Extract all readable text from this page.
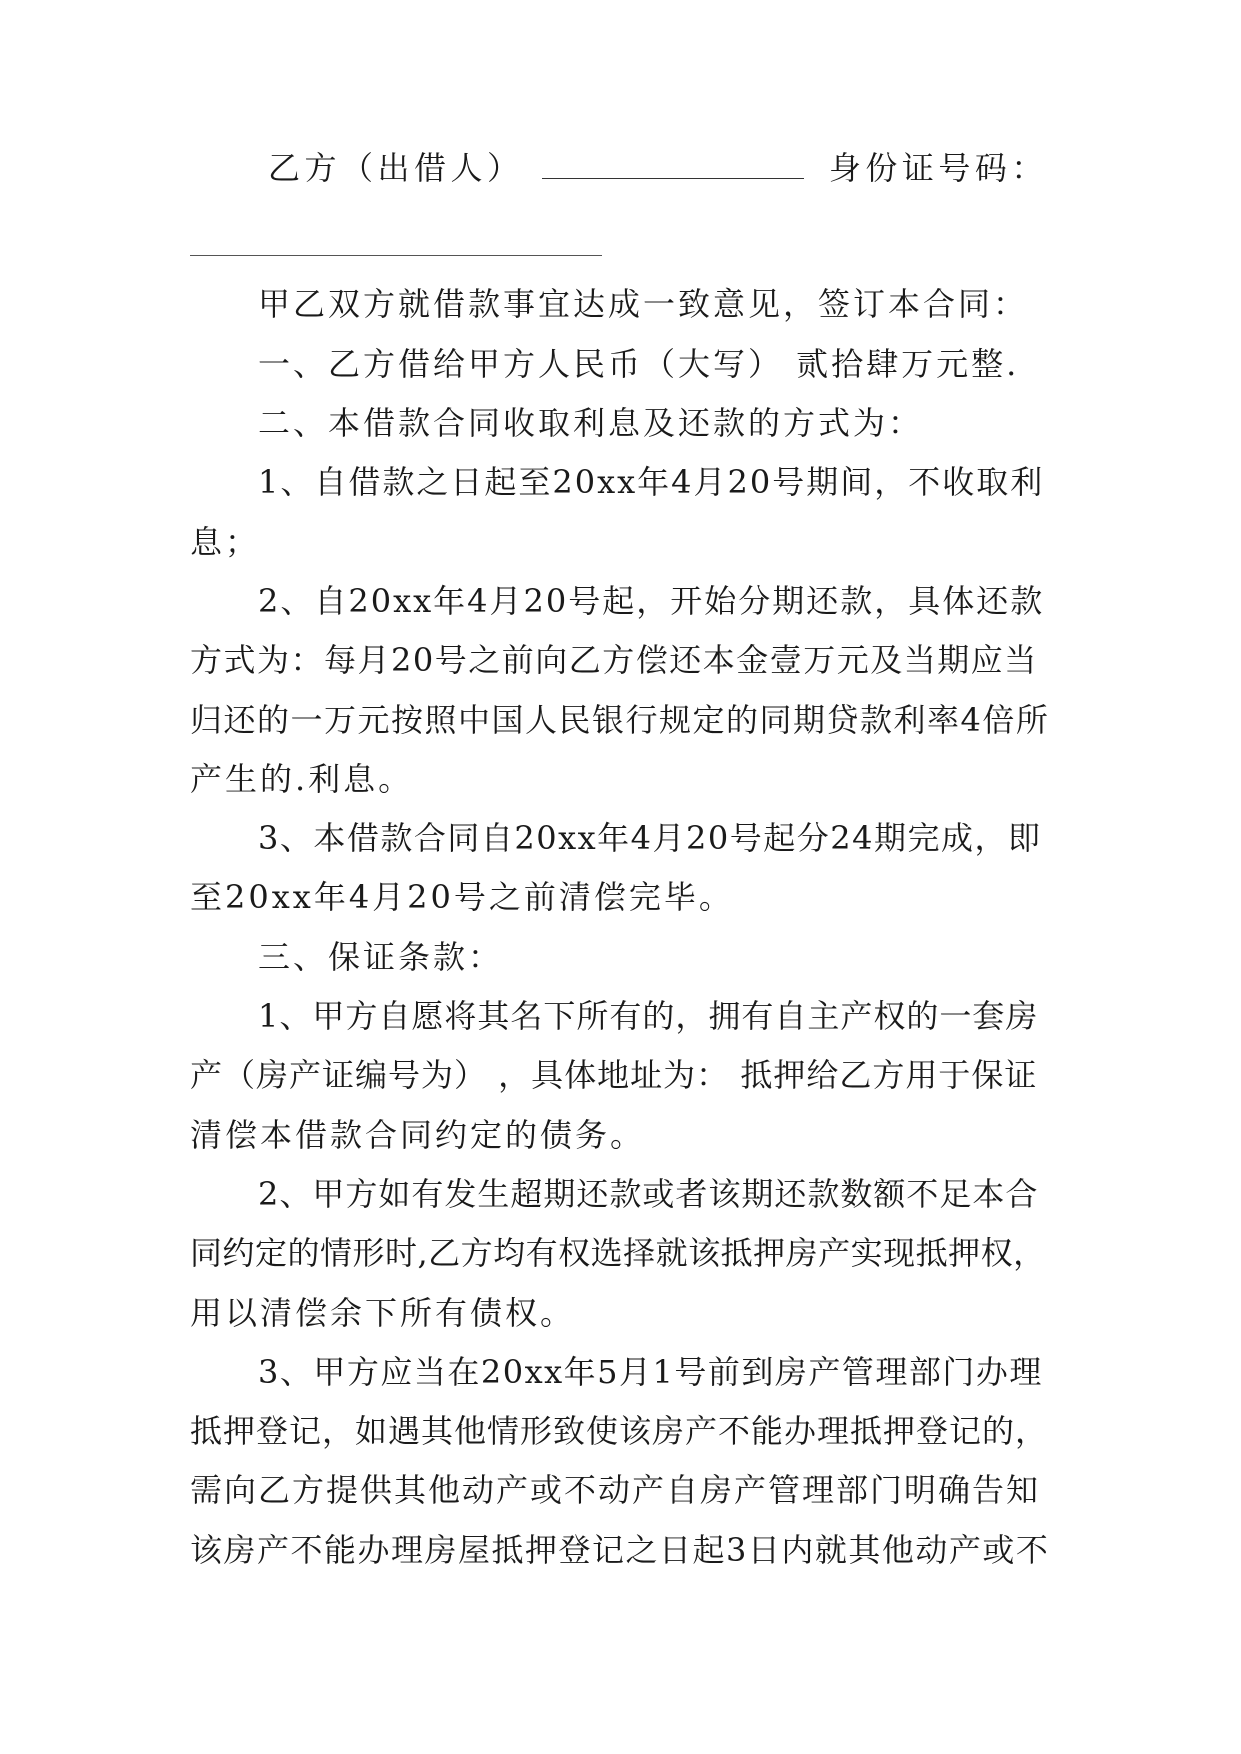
乙方（出借人）	身份证号码：
甲乙双方就借款事宜达成一致意见，签订本合同：
一、乙方借给甲方人民币（大写） 贰拾肆万元整.
二、本借款合同收取利息及还款的方式为：
1、自借款之日起至20xx年4月20号期间，不收取利
息；
2、自20xx年4月20号起，开始分期还款，具体还款
方式为：每月20号之前向乙方偿还本金壹万元及当期应当
归还的一万元按照中国人民银行规定的同期贷款利率4倍所
产生的.利息。
3、本借款合同自20xx年4月20号起分24期完成，即
至20xx年4月20号之前清偿完毕。
三、保证条款：
1、甲方自愿将其名下所有的，拥有自主产权的一套房
产（房产证编号为） ，具体地址为： 抵押给乙方用于保证
清偿本借款合同约定的债务。
2、甲方如有发生超期还款或者该期还款数额不足本合
同约定的情形时,乙方均有权选择就该抵押房产实现抵押权，
用以清偿余下所有债权。
3、甲方应当在20xx年5月1号前到房产管理部门办理
抵押登记，如遇其他情形致使该房产不能办理抵押登记的，
需向乙方提供其他动产或不动产自房产管理部门明确告知
该房产不能办理房屋抵押登记之日起3日内就其他动产或不
